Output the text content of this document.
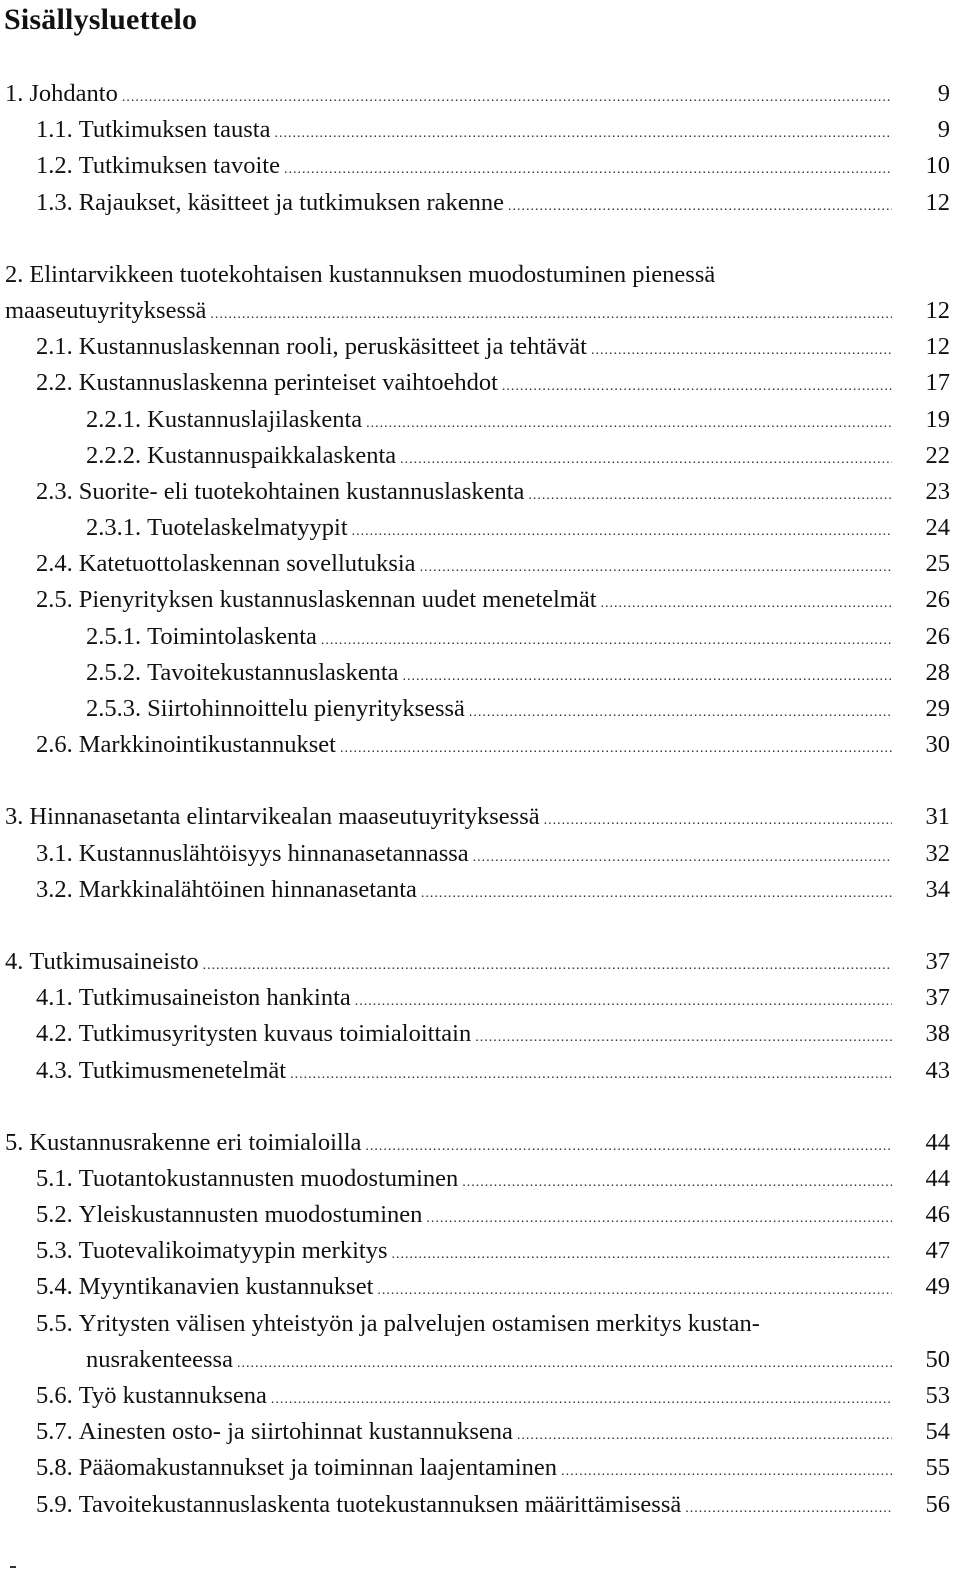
Sisällysluettelo
1. Johdanto .....	9
1.1. Tutkimuksen tausta .....	9
1.2. Tutkimuksen tavoite .....	10
1.3. Rajaukset, käsitteet ja tutkimuksen rakenne .....	12
2. Elintarvikkeen tuotekohtaisen kustannuksen muodostuminen pienessä
maaseutuyrityksessä .....	12
2.1. Kustannuslaskennan rooli, peruskäsitteet ja tehtävät .....	12
2.2. Kustannuslaskenna perinteiset vaihtoehdot .....	17
2.2.1. Kustannuslajilaskenta .....	19
2.2.2. Kustannuspaikkalaskenta .....	22
2.3. Suorite- eli tuotekohtainen kustannuslaskenta .....	23
2.3.1. Tuotelaskelmatyypit .....	24
2.4. Katetuottolaskennan sovellutuksia .....	25
2.5. Pienyrityksen kustannuslaskennan uudet menetelmät .....	26
2.5.1. Toimintolaskenta .....	26
2.5.2. Tavoitekustannuslaskenta .....	28
2.5.3. Siirtohinnoittelu pienyrityksessä .....	29
2.6. Markkinointikustannukset .....	30
3. Hinnanasetanta elintarvikealan maaseutuyrityksessä .....	31
3.1. Kustannuslähtöisyys hinnanasetannassa .....	32
3.2. Markkinalähtöinen hinnanasetanta .....	34
4. Tutkimusaineisto .....	37
4.1. Tutkimusaineiston hankinta .....	37
4.2. Tutkimusyritysten kuvaus toimialoittain .....	38
4.3. Tutkimusmenetelmät .....	43
5. Kustannusrakenne eri toimialoilla .....	44
5.1. Tuotantokustannusten muodostuminen .....	44
5.2. Yleiskustannusten muodostuminen .....	46
5.3. Tuotevalikoimatyypin merkitys .....	47
5.4. Myyntikanavien kustannukset .....	49
5.5. Yritysten välisen yhteistyön ja palvelujen ostamisen merkitys kustan-
nusrakenteessa .....	50
5.6. Työ kustannuksena .....	53
5.7. Ainesten osto- ja siirtohinnat kustannuksena .....	54
5.8. Pääomakustannukset ja toiminnan laajentaminen .....	55
5.9. Tavoitekustannuslaskenta tuotekustannuksen määrittämisessä .....	56
